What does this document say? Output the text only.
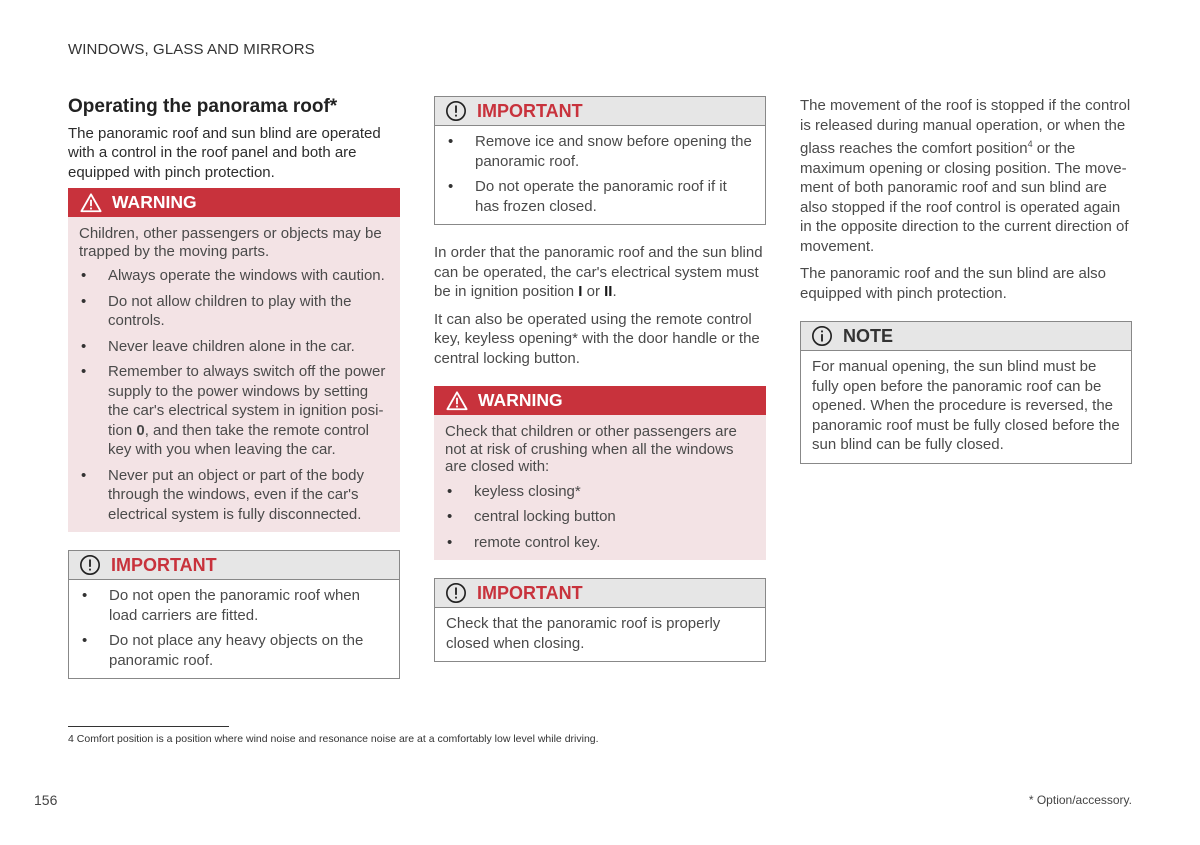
WINDOWS, GLASS AND MIRRORS
Operating the panorama roof*

The panoramic roof and sun blind are operated with a control in the roof panel and both are equipped with pinch protection.

WARNING

Children, other passengers or objects may be trapped by the moving parts.

• Always operate the windows with caution.
• Do not allow children to play with the controls.
• Never leave children alone in the car.
• Remember to always switch off the power supply to the power windows by setting the car's electrical system in ignition position 0, and then take the remote control key with you when leaving the car.
• Never put an object or part of the body through the windows, even if the car's electrical system is fully disconnected.
IMPORTANT
• Do not open the panoramic roof when load carriers are fitted.
• Do not place any heavy objects on the panoramic roof.
IMPORTANT
• Remove ice and snow before opening the panoramic roof.
• Do not operate the panoramic roof if it has frozen closed.

In order that the panoramic roof and the sun blind can be operated, the car's electrical system must be in ignition position I or II.

It can also be operated using the remote control key, keyless opening* with the door handle or the central locking button.

WARNING

Check that children or other passengers are not at risk of crushing when all the windows are closed with:

• keyless closing*
• central locking button
• remote control key.
IMPORTANT

Check that the panoramic roof is properly closed when closing.

The movement of the roof is stopped if the control is released during manual operation, or when the glass reaches the comfort position$^4$ or the maximum opening or closing position. The movement of both panoramic roof and sun blind are also stopped if the roof control is operated again in the opposite direction to the current direction of movement.

The panoramic roof and the sun blind are also equipped with pinch protection.

NOTE

For manual opening, the sun blind must be fully open before the panoramic roof can be opened. When the procedure is reversed, the panoramic roof must be fully closed before the sun blind can be fully closed.

4 Comfort position is a position where wind noise and resonance noise are at a comfortably low level while driving.
156	* Option/accessory.
